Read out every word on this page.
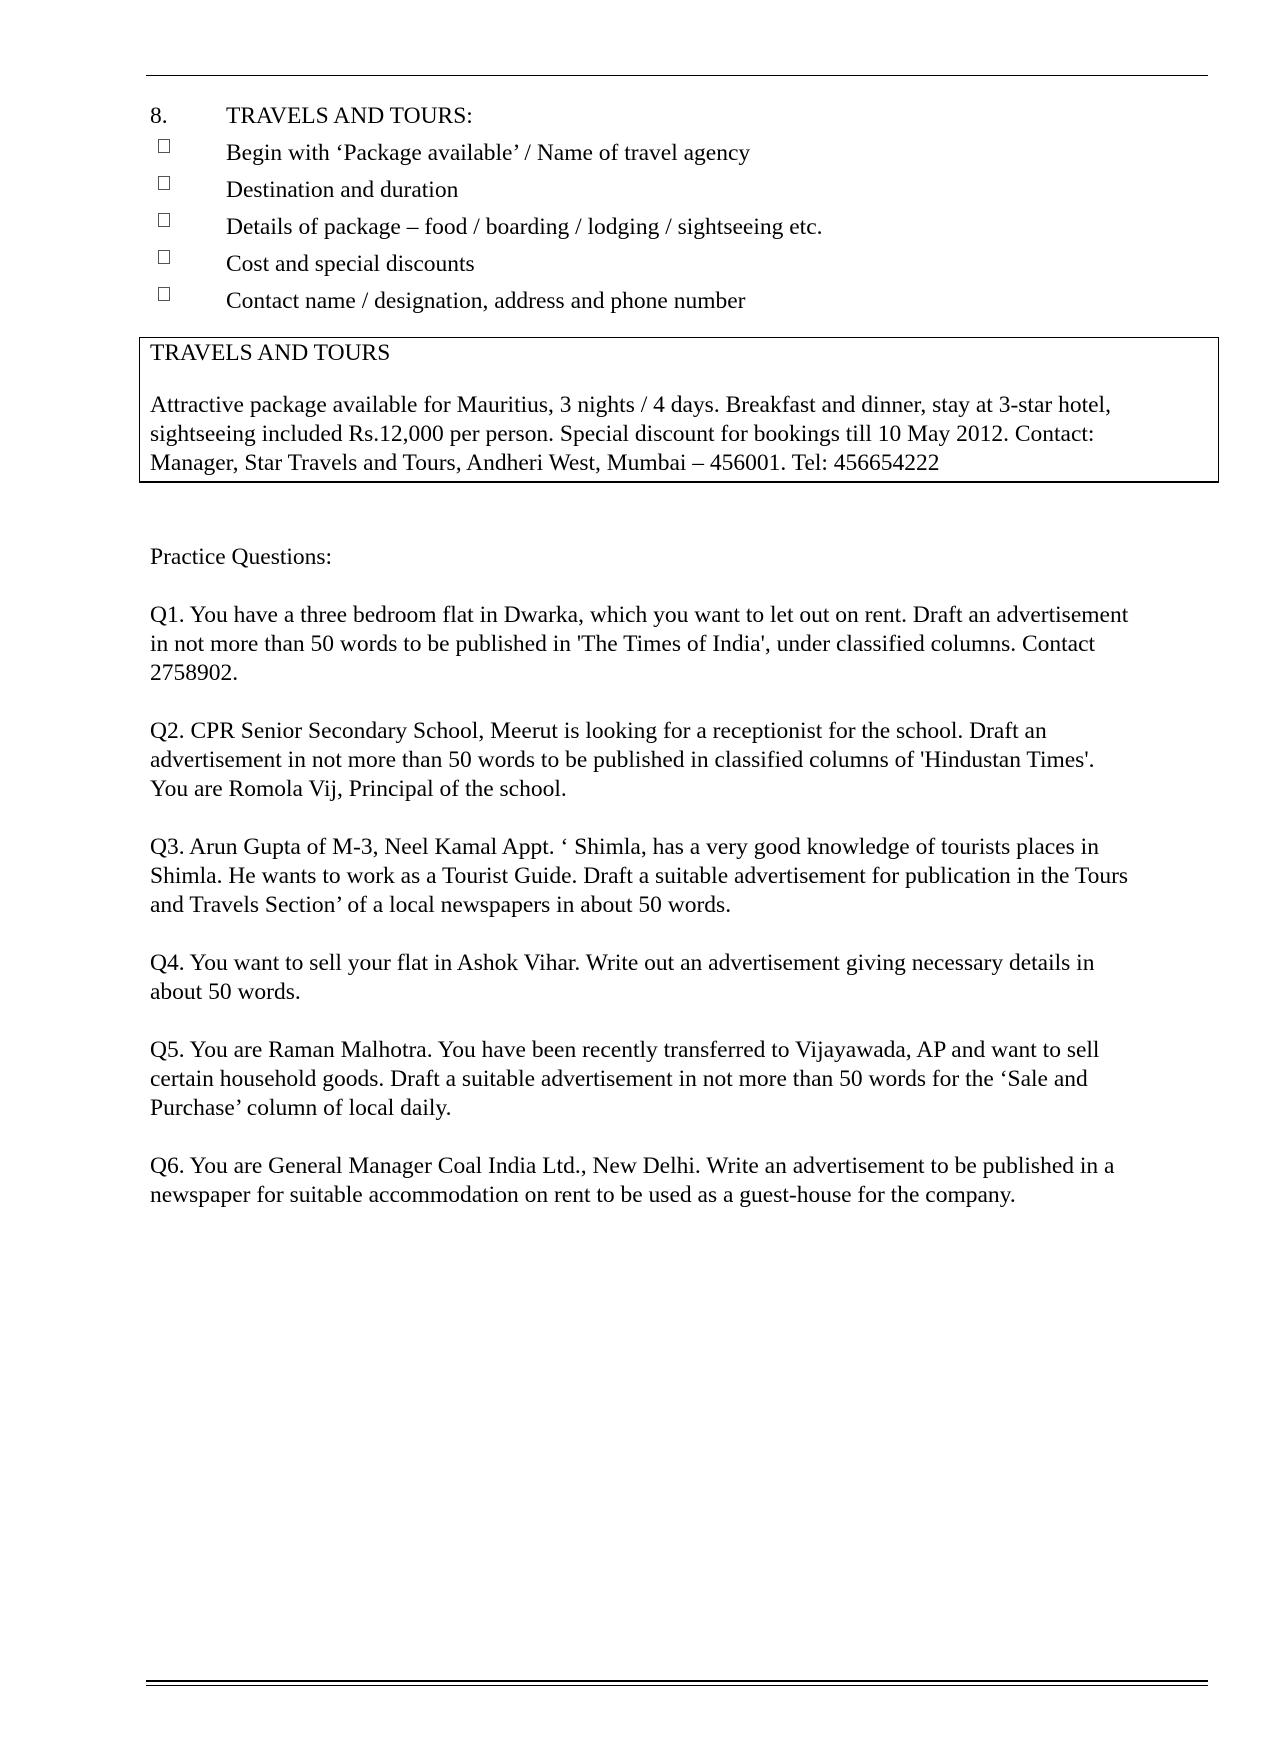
8.	TRAVELS AND TOURS:
Begin with ‘Package available’ / Name of travel agency
Destination and duration
Details of package – food / boarding / lodging / sightseeing etc.
Cost and special discounts
Contact name / designation, address and phone number
TRAVELS AND TOURS
Attractive package available for Mauritius, 3 nights / 4 days. Breakfast and dinner, stay at 3-star hotel,
sightseeing included Rs.12,000 per person. Special discount for bookings till 10 May 2012. Contact:
Manager, Star Travels and Tours, Andheri West, Mumbai – 456001. Tel: 456654222
Practice Questions:
Q1. You have a three bedroom flat in Dwarka, which you want to let out on rent. Draft an advertisement
in not more than 50 words to be published in 'The Times of India', under classified columns. Contact
2758902.
Q2. CPR Senior Secondary School, Meerut is looking for a receptionist for the school. Draft an
advertisement in not more than 50 words to be published in classified columns of 'Hindustan Times'.
You are Romola Vij, Principal of the school.
Q3. Arun Gupta of M-3, Neel Kamal Appt. ‘ Shimla, has a very good knowledge of tourists places in
Shimla. He wants to work as a Tourist Guide. Draft a suitable advertisement for publication in the Tours
and Travels Section’ of a local newspapers in about 50 words.
Q4. You want to sell your flat in Ashok Vihar. Write out an advertisement giving necessary details in
about 50 words.
Q5. You are Raman Malhotra. You have been recently transferred to Vijayawada, AP and want to sell
certain household goods. Draft a suitable advertisement in not more than 50 words for the ‘Sale and
Purchase’ column of local daily.
Q6. You are General Manager Coal India Ltd., New Delhi. Write an advertisement to be published in a
newspaper for suitable accommodation on rent to be used as a guest-house for the company.
